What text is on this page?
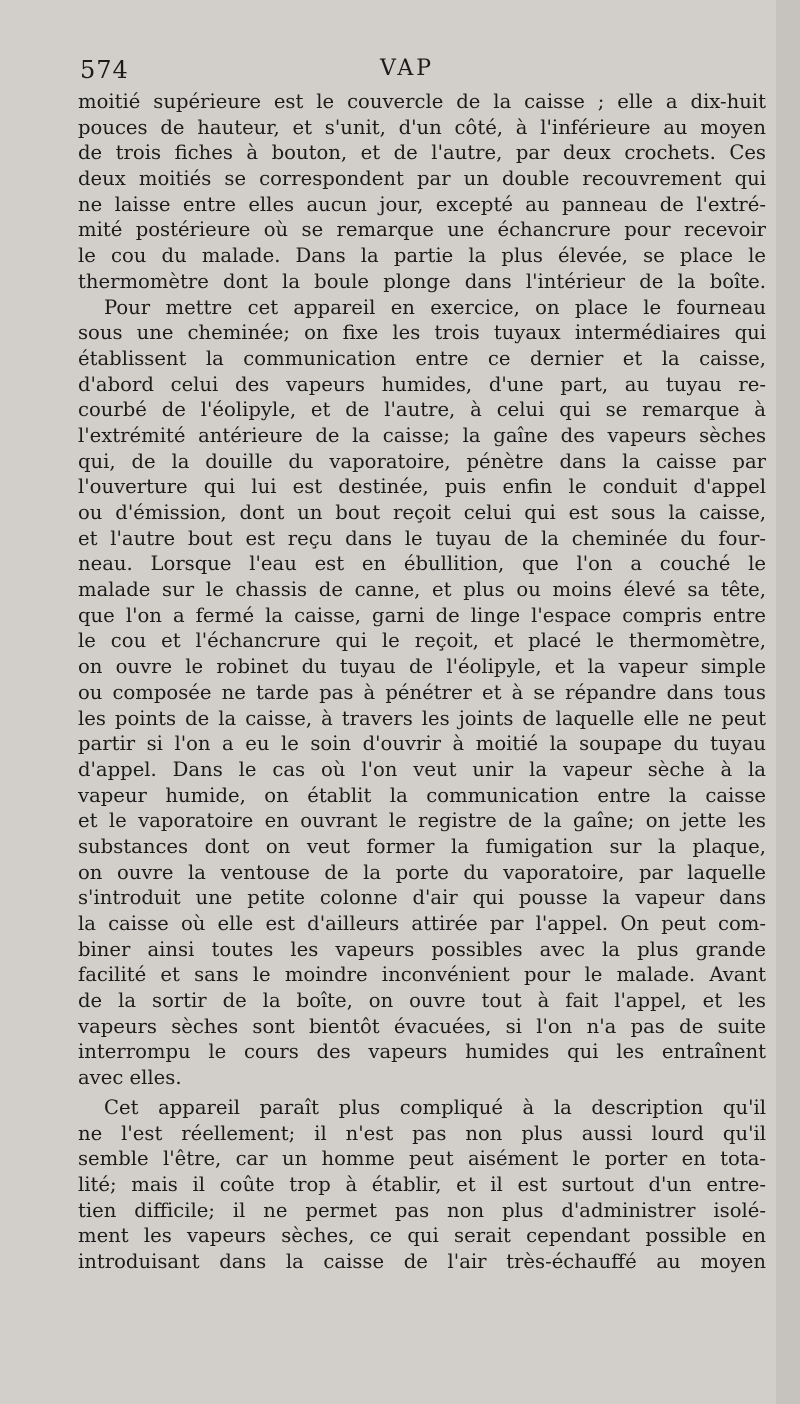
574	VAP
moitié supérieure est le couvercle de la caisse ; elle a dix-huit
pouces de hauteur, et s'unit, d'un côté, à l'inférieure au moyen
de trois fiches à bouton, et de l'autre, par deux crochets. Ces
deux moitiés se correspondent par un double recouvrement qui
ne laisse entre elles aucun jour, excepté au panneau de l'extré-
mité postérieure où se remarque une échancrure pour recevoir
le cou du malade. Dans la partie la plus élevée, se place le
thermomètre dont la boule plonge dans l'intérieur de la boîte.
Pour mettre cet appareil en exercice, on place le fourneau
sous une cheminée; on fixe les trois tuyaux intermédiaires qui
établissent la communication entre ce dernier et la caisse,
d'abord celui des vapeurs humides, d'une part, au tuyau re-
courbé de l'éolipyle, et de l'autre, à celui qui se remarque à
l'extrémité antérieure de la caisse; la gaîne des vapeurs sèches
qui, de la douille du vaporatoire, pénètre dans la caisse par
l'ouverture qui lui est destinée, puis enfin le conduit d'appel
ou d'émission, dont un bout reçoit celui qui est sous la caisse,
et l'autre bout est reçu dans le tuyau de la cheminée du four-
neau. Lorsque l'eau est en ébullition, que l'on a couché le
malade sur le chassis de canne, et plus ou moins élevé sa tête,
que l'on a fermé la caisse, garni de linge l'espace compris entre
le cou et l'échancrure qui le reçoit, et placé le thermomètre,
on ouvre le robinet du tuyau de l'éolipyle, et la vapeur simple
ou composée ne tarde pas à pénétrer et à se répandre dans tous
les points de la caisse, à travers les joints de laquelle elle ne peut
partir si l'on a eu le soin d'ouvrir à moitié la soupape du tuyau
d'appel. Dans le cas où l'on veut unir la vapeur sèche à la
vapeur humide, on établit la communication entre la caisse
et le vaporatoire en ouvrant le registre de la gaîne; on jette les
substances dont on veut former la fumigation sur la plaque,
on ouvre la ventouse de la porte du vaporatoire, par laquelle
s'introduit une petite colonne d'air qui pousse la vapeur dans
la caisse où elle est d'ailleurs attirée par l'appel. On peut com-
biner ainsi toutes les vapeurs possibles avec la plus grande
facilité et sans le moindre inconvénient pour le malade. Avant
de la sortir de la boîte, on ouvre tout à fait l'appel, et les
vapeurs sèches sont bientôt évacuées, si l'on n'a pas de suite
interrompu le cours des vapeurs humides qui les entraînent
avec elles.
Cet appareil paraît plus compliqué à la description qu'il
ne l'est réellement; il n'est pas non plus aussi lourd qu'il
semble l'être, car un homme peut aisément le porter en tota-
lité; mais il coûte trop à établir, et il est surtout d'un entre-
tien difficile; il ne permet pas non plus d'administrer isolé-
ment les vapeurs sèches, ce qui serait cependant possible en
introduisant dans la caisse de l'air très-échauffé au moyen
